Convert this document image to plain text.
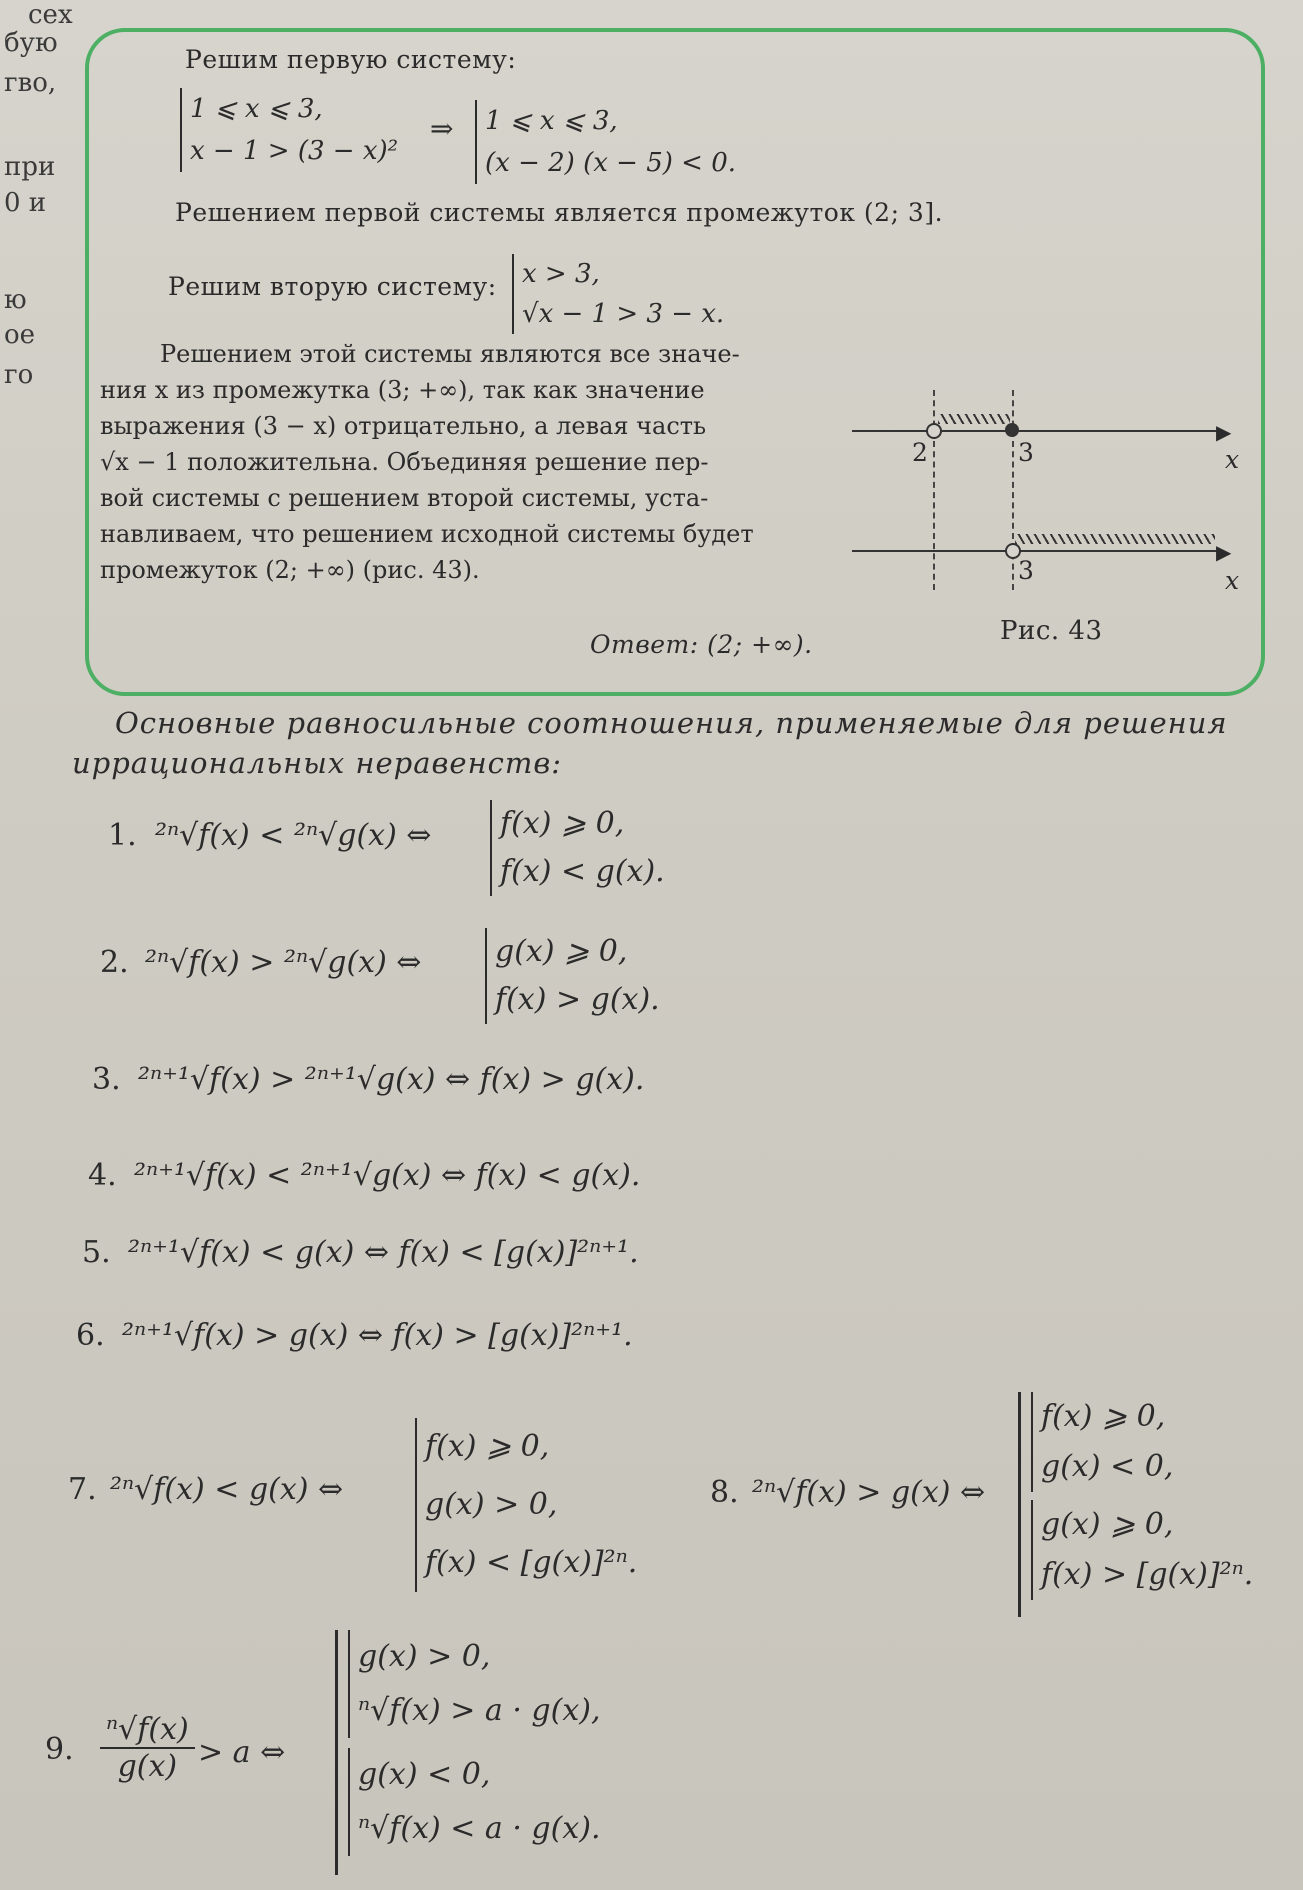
сех
бую
гво,
при
0 и
ю
ое
го
Решим первую систему:
1 ⩽ x ⩽ 3,
x − 1 > (3 − x)²
⇒ 1 ⩽ x ⩽ 3,
(x − 2) (x − 5) < 0.
Решением первой системы является промежуток (2; 3].
Решим вторую систему: x > 3,
√x − 1 > 3 − x.
Решением этой системы являются все значе-
ния x из промежутка (3; +∞), так как значение
выражения (3 − x) отрицательно, а левая часть
√x − 1 положительна. Объединяя решение пер-
вой системы с решением второй системы, уста-
навливаем, что решением исходной системы будет
промежуток (2; +∞) (рис. 43).
Ответ: (2; +∞).
▶
2	3	x
▶
3	x
Рис. 43
Основные равносильные соотношения, применяемые для решения
иррациональных неравенств:
1. ²ⁿ√f(x) < ²ⁿ√g(x) ⇔ f(x) ⩾ 0,
f(x) < g(x).
2. ²ⁿ√f(x) > ²ⁿ√g(x) ⇔ g(x) ⩾ 0,
f(x) > g(x).
3. ²ⁿ⁺¹√f(x) > ²ⁿ⁺¹√g(x) ⇔ f(x) > g(x).
4. ²ⁿ⁺¹√f(x) < ²ⁿ⁺¹√g(x) ⇔ f(x) < g(x).
5. ²ⁿ⁺¹√f(x) < g(x) ⇔ f(x) < [g(x)]²ⁿ⁺¹.
6. ²ⁿ⁺¹√f(x) > g(x) ⇔ f(x) > [g(x)]²ⁿ⁺¹.
7. ²ⁿ√f(x) < g(x) ⇔
f(x) ⩾ 0,
g(x) > 0,
f(x) < [g(x)]²ⁿ.
8. ²ⁿ√f(x) > g(x) ⇔
f(x) ⩾ 0,
g(x) < 0,
g(x) ⩾ 0,
f(x) > [g(x)]²ⁿ.
9. $\frac{\text{ⁿ√f(x)}}{g(x)} > a$ ⇔
g(x) > 0,
ⁿ√f(x) > a · g(x),
g(x) < 0,
ⁿ√f(x) < a · g(x).
